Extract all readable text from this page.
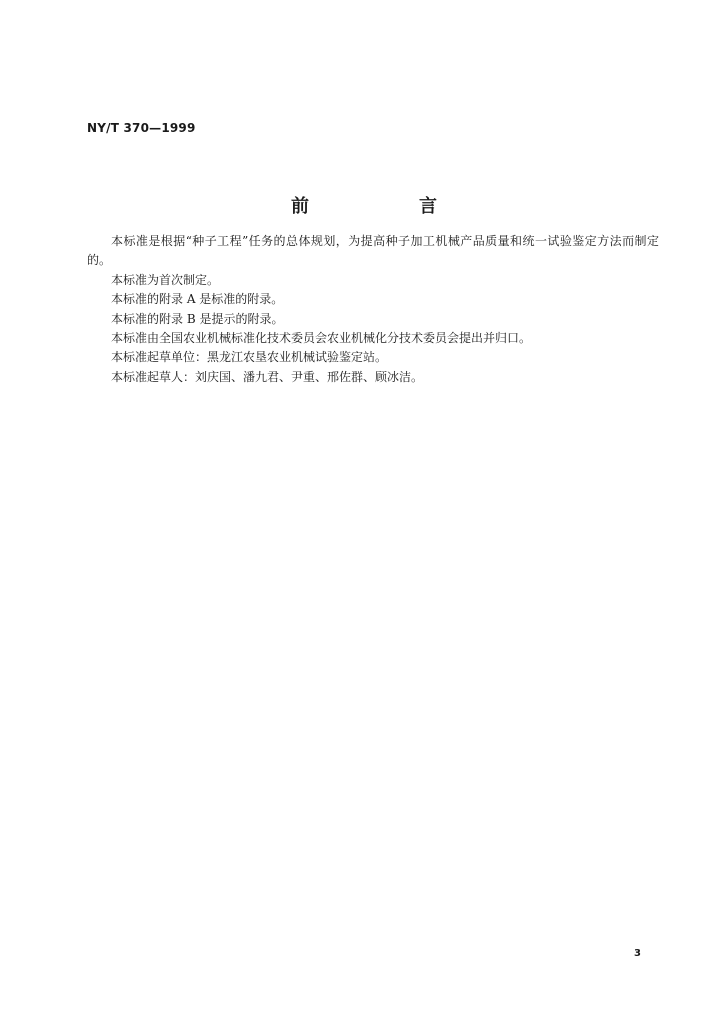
NY/T 370—1999
前　言

本标准是根据“种子工程”任务的总体规划，为提高种子加工机械产品质量和统一试验鉴定方法而制定的。

本标准为首次制定。

本标准的附录 A 是标准的附录。

本标准的附录 B 是提示的附录。

本标准由全国农业机械标准化技术委员会农业机械化分技术委员会提出并归口。

本标准起草单位：黑龙江农垦农业机械试验鉴定站。

本标准起草人：刘庆国、潘九君、尹重、邢佐群、顾冰洁。

3
